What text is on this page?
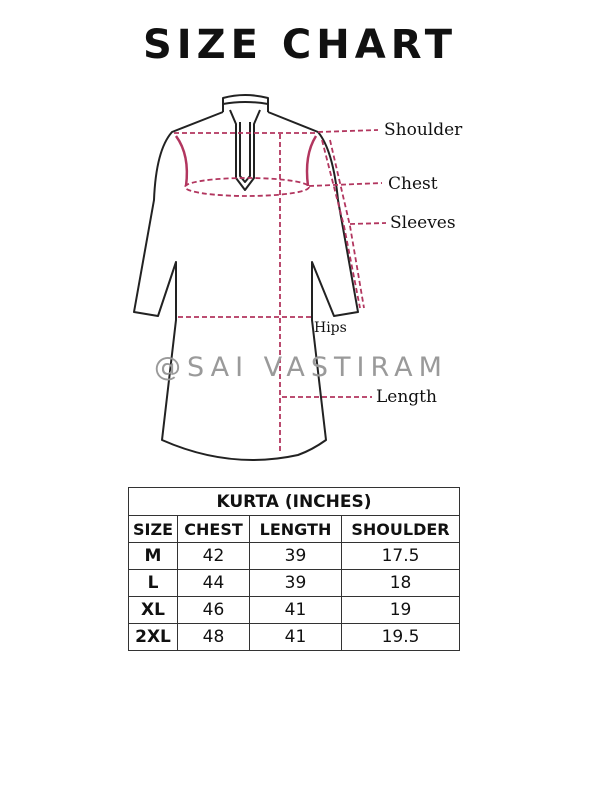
SIZE CHART
Shoulder
Chest
Sleeves
Hips
Length
@SAI VASTIRAM
KURTA (INCHES)			
SIZE	CHEST	LENGTH	SHOULDER
M	42	39	17.5
L	44	39	18
XL	46	41	19
2XL	48	41	19.5
